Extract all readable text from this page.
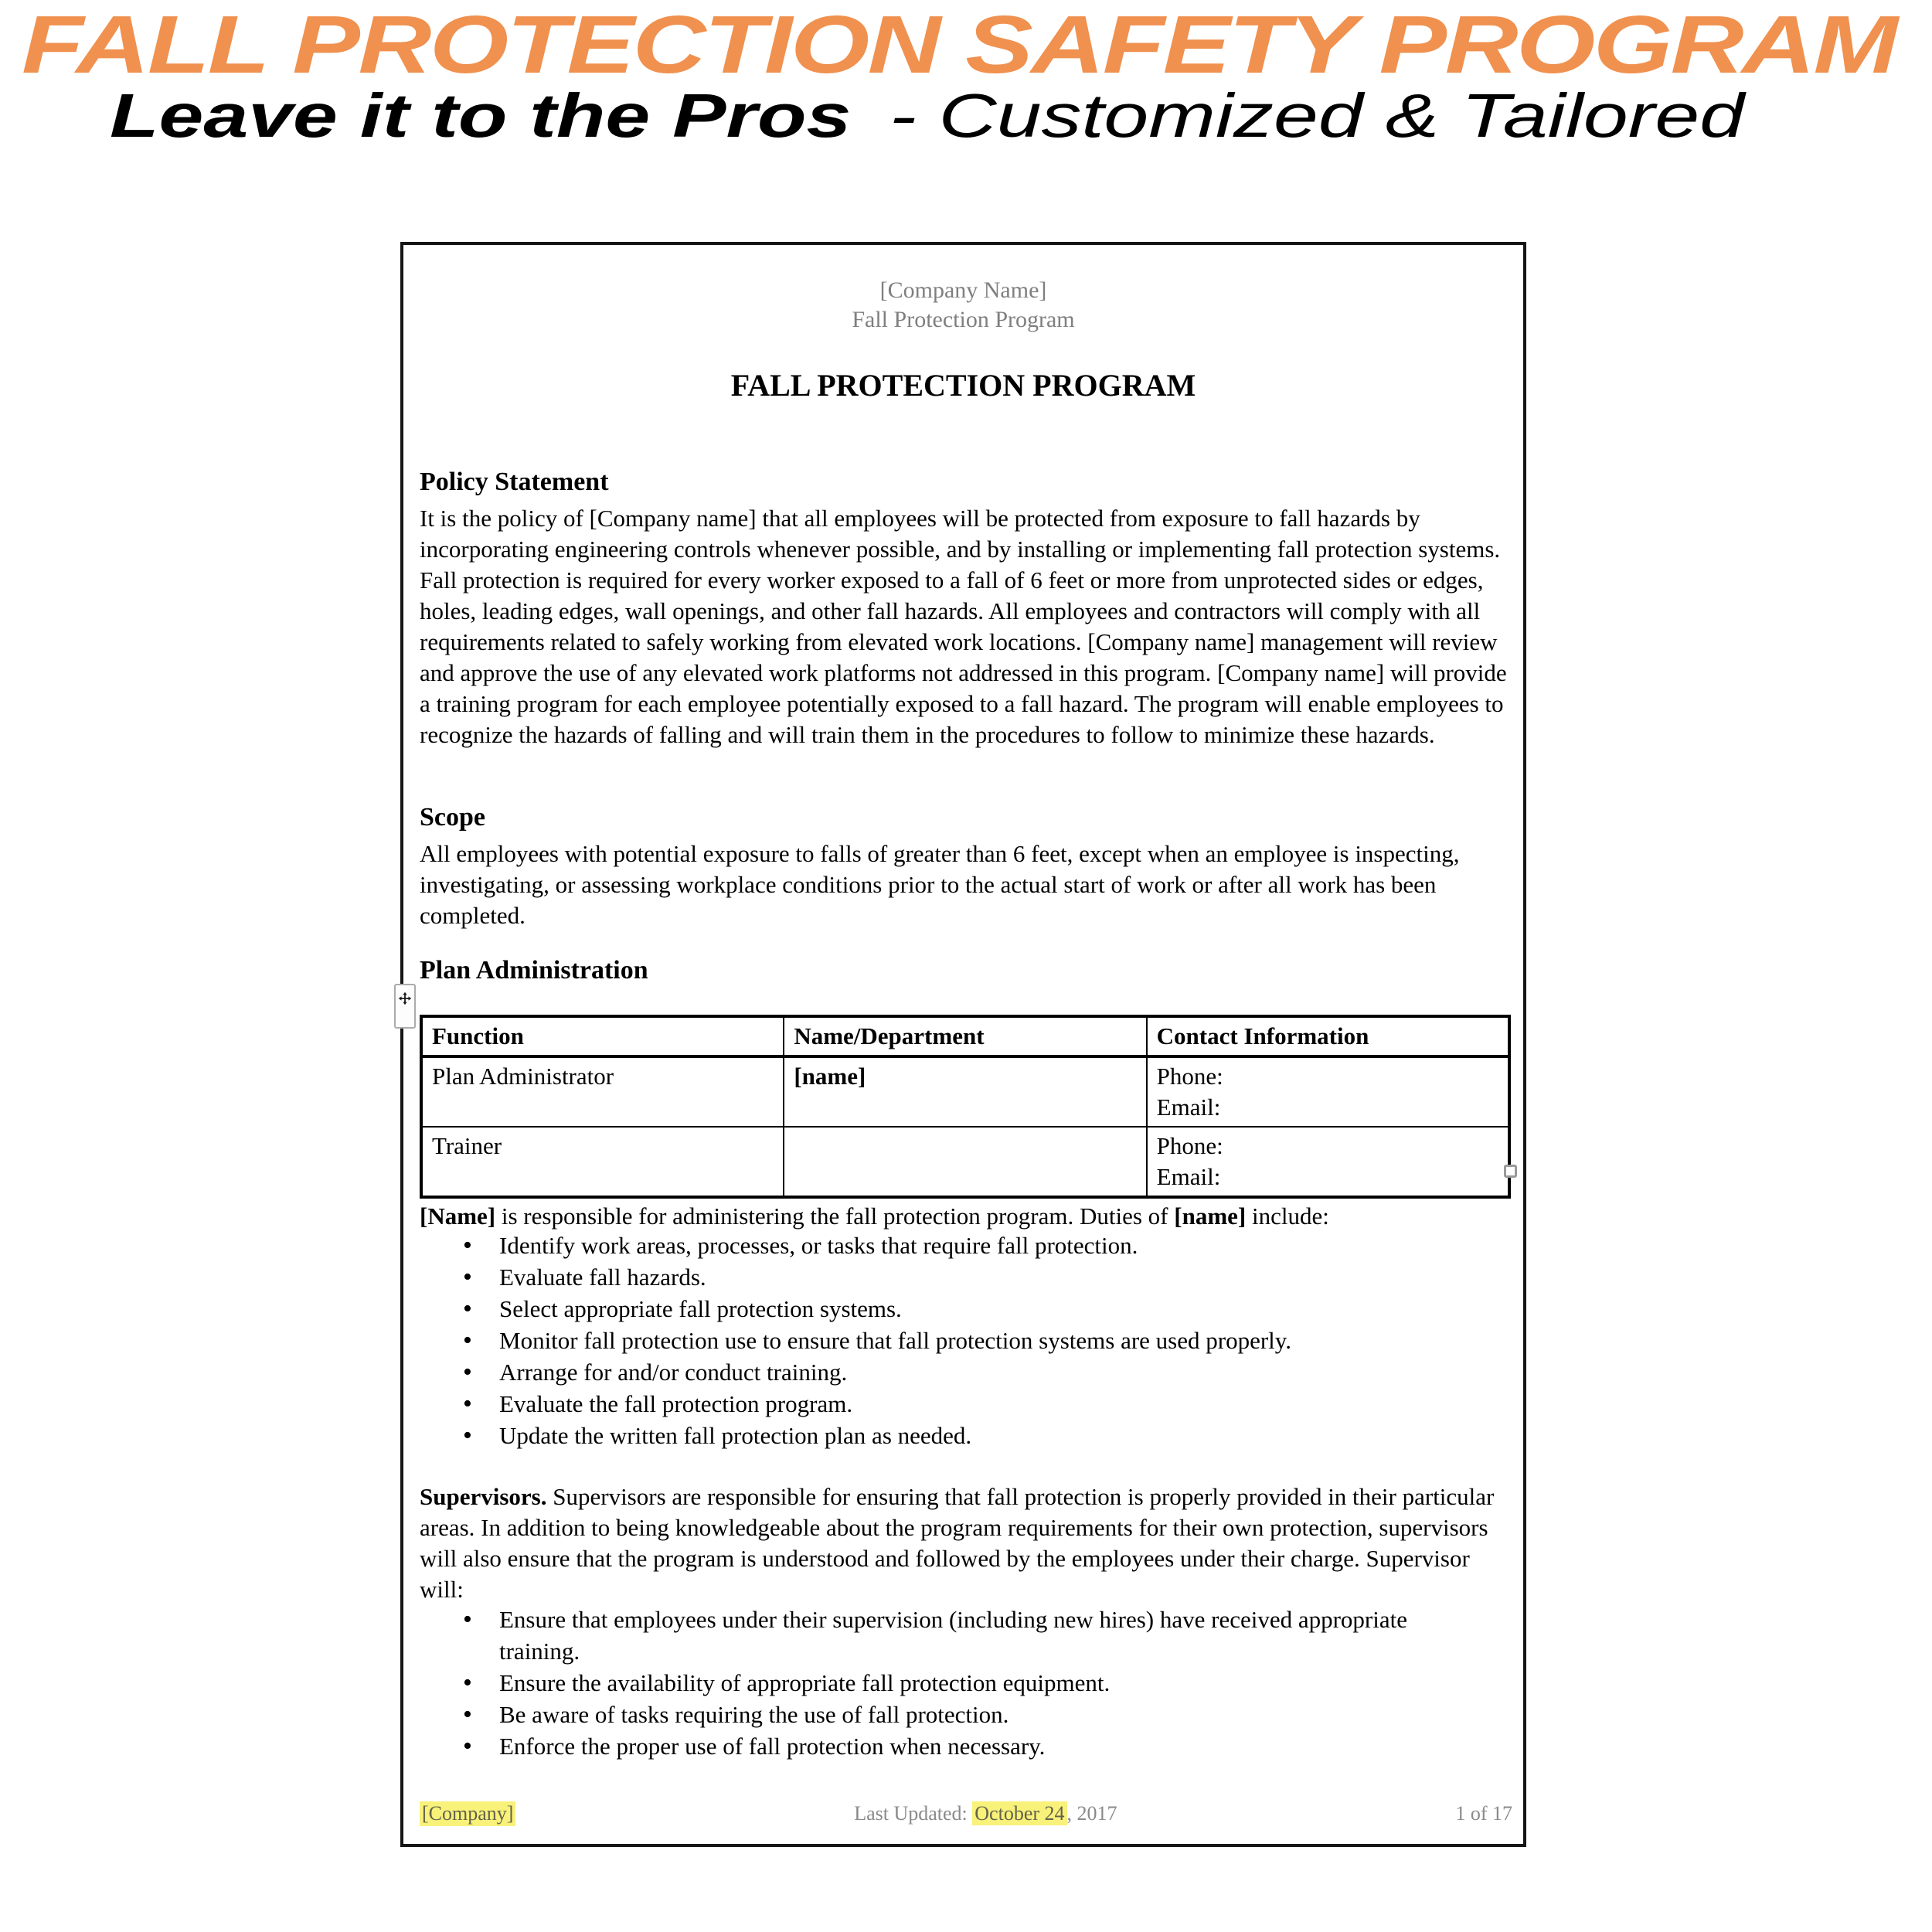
FALL PROTECTION SAFETY PROGRAM
Leave it to the Pros - Customized & Tailored
[Company Name]
Fall Protection Program
FALL PROTECTION PROGRAM
Policy Statement
It is the policy of [Company name] that all employees will be protected from exposure to fall hazards by incorporating engineering controls whenever possible, and by installing or implementing fall protection systems. Fall protection is required for every worker exposed to a fall of 6 feet or more from unprotected sides or edges, holes, leading edges, wall openings, and other fall hazards. All employees and contractors will comply with all requirements related to safely working from elevated work locations. [Company name] management will review and approve the use of any elevated work platforms not addressed in this program. [Company name] will provide a training program for each employee potentially exposed to a fall hazard. The program will enable employees to recognize the hazards of falling and will train them in the procedures to follow to minimize these hazards.
Scope
All employees with potential exposure to falls of greater than 6 feet, except when an employee is inspecting, investigating, or assessing workplace conditions prior to the actual start of work or after all work has been completed.
Plan Administration
Function	Name/Department	Contact Information
Plan Administrator	[name]	Phone:
Email:

Trainer		Phone:
Email:
[Name] is responsible for administering the fall protection program. Duties of [name] include:
• Identify work areas, processes, or tasks that require fall protection.
• Evaluate fall hazards.
• Select appropriate fall protection systems.
• Monitor fall protection use to ensure that fall protection systems are used properly.
• Arrange for and/or conduct training.
• Evaluate the fall protection program.
• Update the written fall protection plan as needed.
Supervisors. Supervisors are responsible for ensuring that fall protection is properly provided in their particular areas. In addition to being knowledgeable about the program requirements for their own protection, supervisors will also ensure that the program is understood and followed by the employees under their charge. Supervisor will:
• Ensure that employees under their supervision (including new hires) have received appropriate training.
• Ensure the availability of appropriate fall protection equipment.
• Be aware of tasks requiring the use of fall protection.
• Enforce the proper use of fall protection when necessary.
[Company]	Last Updated: October 24 , 2017	1 of 17
